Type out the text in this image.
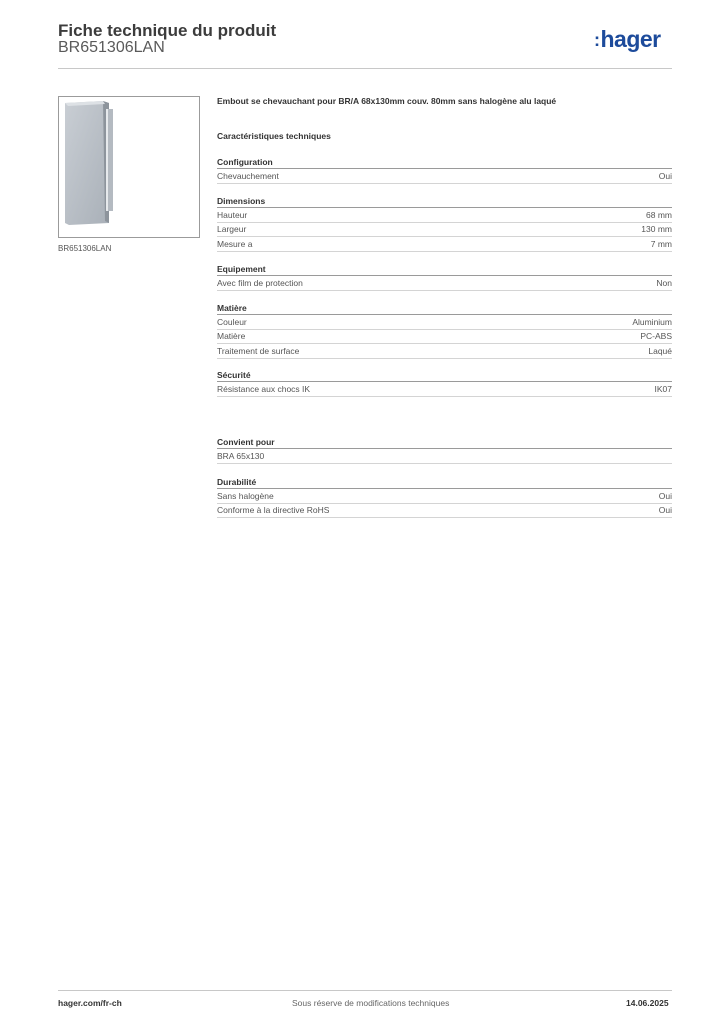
Fiche technique du produit
BR651306LAN	:hager
BR651306LAN
Embout se chevauchant pour BR/A 68x130mm couv. 80mm sans halogène alu laqué
Caractéristiques techniques
Configuration
Chevauchement	Oui
Dimensions
Hauteur	68 mm
Largeur	130 mm
Mesure a	7 mm
Equipement
Avec film de protection	Non
Matière
Couleur	Aluminium
Matière	PC-ABS
Traitement de surface	Laqué
Sécurité
Résistance aux chocs IK	IK07
Convient pour
BRA 65x130
Durabilité
Sans halogène	Oui
Conforme à la directive RoHS	Oui
hager.com/fr-ch	Sous réserve de modifications techniques	14.06.2025
